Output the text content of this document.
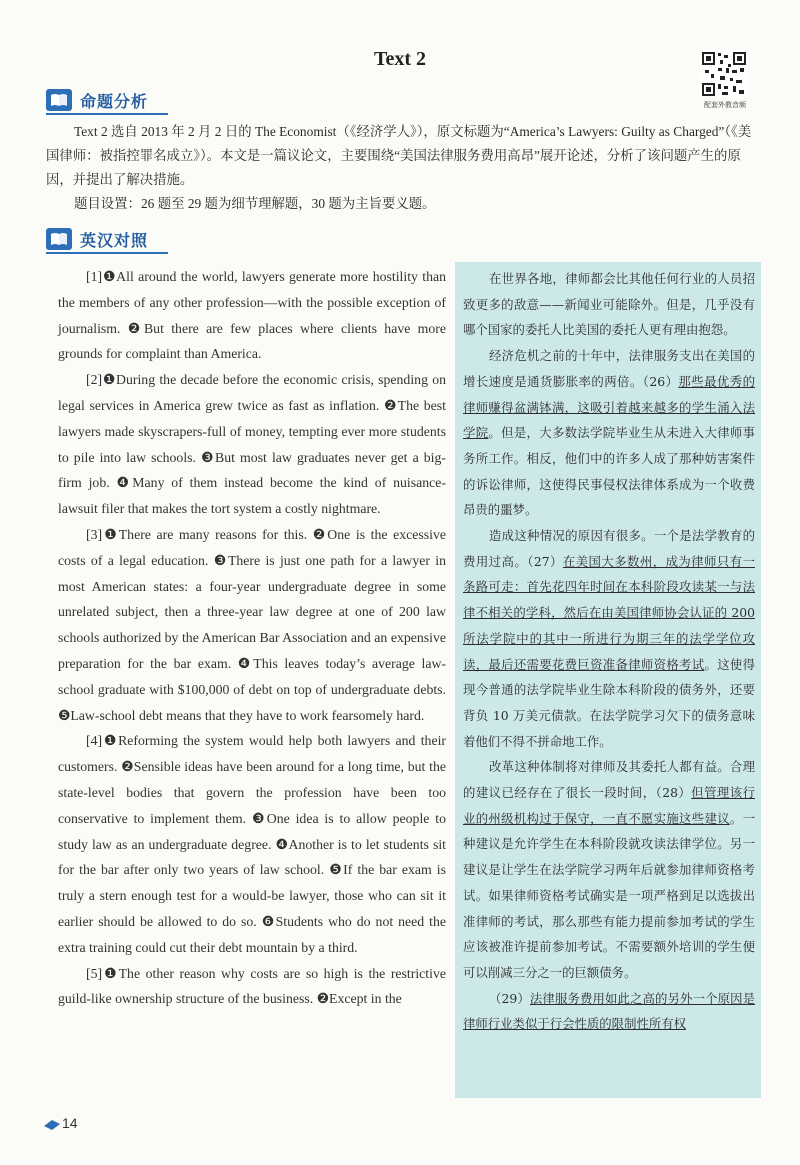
Text 2
配套外教音频
命题分析

Text 2 选自 2013 年 2 月 2 日的 The Economist（《经济学人》），原文标题为“America’s Lawyers: Guilty as Charged”（《美国律师：被指控罪名成立》）。本文是一篇议论文，主要围绕“美国法律服务费用高昂”展开论述，分析了该问题产生的原因，并提出了解决措施。

题目设置：26 题至 29 题为细节理解题，30 题为主旨要义题。

英汉对照

[1]❶All around the world, lawyers generate more hostility than the members of any other profession—with the possible exception of journalism. ❷But there are few places where clients have more grounds for complaint than America.

[2]❶During the decade before the economic crisis, spending on legal services in America grew twice as fast as inflation. ❷The best lawyers made skyscrapers-full of money, tempting ever more students to pile into law schools. ❸But most law graduates never get a big-firm job. ❹Many of them instead become the kind of nuisance-lawsuit filer that makes the tort system a costly nightmare.

[3]❶There are many reasons for this. ❷One is the excessive costs of a legal education. ❸There is just one path for a lawyer in most American states: a four-year undergraduate degree in some unrelated subject, then a three-year law degree at one of 200 law schools authorized by the American Bar Association and an expensive preparation for the bar exam. ❹This leaves today’s average law-school graduate with $100,000 of debt on top of undergraduate debts. ❺Law-school debt means that they have to work fearsomely hard.

[4]❶Reforming the system would help both lawyers and their customers. ❷Sensible ideas have been around for a long time, but the state-level bodies that govern the profession have been too conservative to implement them. ❸One idea is to allow people to study law as an undergraduate degree. ❹Another is to let students sit for the bar after only two years of law school. ❺If the bar exam is truly a stern enough test for a would-be lawyer, those who can sit it earlier should be allowed to do so. ❻Students who do not need the extra training could cut their debt mountain by a third.

[5]❶The other reason why costs are so high is the restrictive guild-like ownership structure of the business. ❷Except in the

在世界各地，律师都会比其他任何行业的人员招致更多的敌意——新闻业可能除外。但是，几乎没有哪个国家的委托人比美国的委托人更有理由抱怨。

经济危机之前的十年中，法律服务支出在美国的增长速度是通货膨胀率的两倍。（26）那些最优秀的律师赚得盆满钵满，这吸引着越来越多的学生涌入法学院。但是，大多数法学院毕业生从未进入大律师事务所工作。相反，他们中的许多人成了那种妨害案件的诉讼律师，这使得民事侵权法律体系成为一个收费昂贵的噩梦。

造成这种情况的原因有很多。一个是法学教育的费用过高。（27）在美国大多数州，成为律师只有一条路可走：首先花四年时间在本科阶段攻读某一与法律不相关的学科，然后在由美国律师协会认证的 200 所法学院中的其中一所进行为期三年的法学学位攻读，最后还需要花费巨资准备律师资格考试。这使得现今普通的法学院毕业生除本科阶段的债务外，还要背负 10 万美元债款。在法学院学习欠下的债务意味着他们不得不拼命地工作。

改革这种体制将对律师及其委托人都有益。合理的建议已经存在了很长一段时间，（28）但管理该行业的州级机构过于保守，一直不愿实施这些建议。一种建议是允许学生在本科阶段就攻读法律学位。另一建议是让学生在法学院学习两年后就参加律师资格考试。如果律师资格考试确实是一项严格到足以选拔出准律师的考试，那么那些有能力提前参加考试的学生应该被准许提前参加考试。不需要额外培训的学生便可以削减三分之一的巨额债务。

（29）法律服务费用如此之高的另外一个原因是律师行业类似于行会性质的限制性所有权

14
